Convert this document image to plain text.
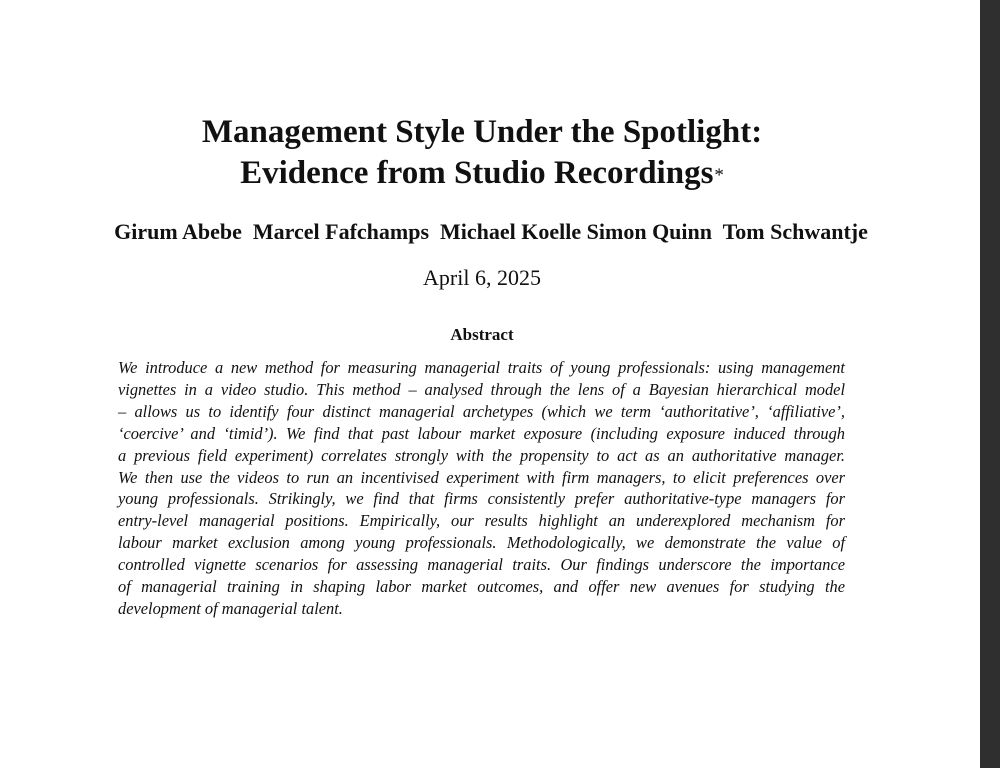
Management Style Under the Spotlight:
Evidence from Studio Recordings*
Girum Abebe Marcel Fafchamps Michael Koelle Simon Quinn Tom Schwantje
April 6, 2025
Abstract
We introduce a new method for measuring managerial traits of young professionals: using management
vignettes in a video studio. This method – analysed through the lens of a Bayesian hierarchical model
– allows us to identify four distinct managerial archetypes (which we term ‘authoritative’, ‘affiliative’,
‘coercive’ and ‘timid’). We find that past labour market exposure (including exposure induced through
a previous field experiment) correlates strongly with the propensity to act as an authoritative manager.
We then use the videos to run an incentivised experiment with firm managers, to elicit preferences over
young professionals. Strikingly, we find that firms consistently prefer authoritative-type managers for
entry-level managerial positions. Empirically, our results highlight an underexplored mechanism for
labour market exclusion among young professionals. Methodologically, we demonstrate the value of
controlled vignette scenarios for assessing managerial traits. Our findings underscore the importance
of managerial training in shaping labor market outcomes, and offer new avenues for studying the
development of managerial talent.
